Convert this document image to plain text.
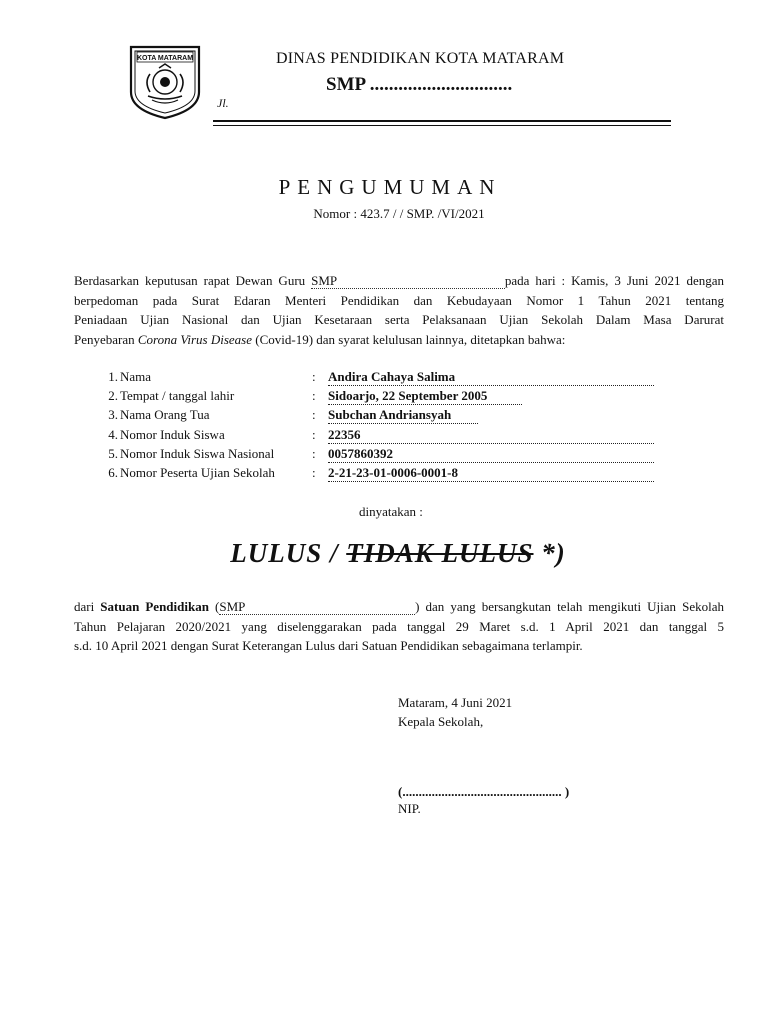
KOTA MATARAM	DINAS PENDIDIKAN KOTA MATARAM
SMP ..............................
Jl.
PENGUMUMAN
Nomor : 423.7 / / SMP. /VI/2021
Berdasarkan keputusan rapat Dewan Guru SMP	pada hari : Kamis, 3 Juni 2021 dengan
berpedoman pada Surat Edaran Menteri Pendidikan dan Kebudayaan Nomor 1 Tahun 2021 tentang
Peniadaan Ujian Nasional dan Ujian Kesetaraan serta Pelaksanaan Ujian Sekolah Dalam Masa Darurat
Penyebaran Corona Virus Disease (Covid-19) dan syarat kelulusan lainnya, ditetapkan bahwa:
1. Nama	: Andira Cahaya Salima
2. Tempat / tanggal lahir	: Sidoarjo, 22 September 2005
3. Nama Orang Tua	: Subchan Andriansyah
4. Nomor Induk Siswa	: 22356
5. Nomor Induk Siswa Nasional	: 0057860392
6. Nomor Peserta Ujian Sekolah	: 2-21-23-01-0006-0001-8
dinyatakan :
LULUS / TIDAK LULUS *)
dari Satuan Pendidikan (SMP	) dan yang bersangkutan telah mengikuti Ujian Sekolah
Tahun Pelajaran 2020/2021 yang diselenggarakan pada tanggal 29 Maret s.d. 1 April 2021 dan tanggal 5
s.d. 10 April 2021 dengan Surat Keterangan Lulus dari Satuan Pendidikan sebagaimana terlampir.
Mataram, 4 Juni 2021
Kepala Sekolah,
(................................................. )
NIP.
